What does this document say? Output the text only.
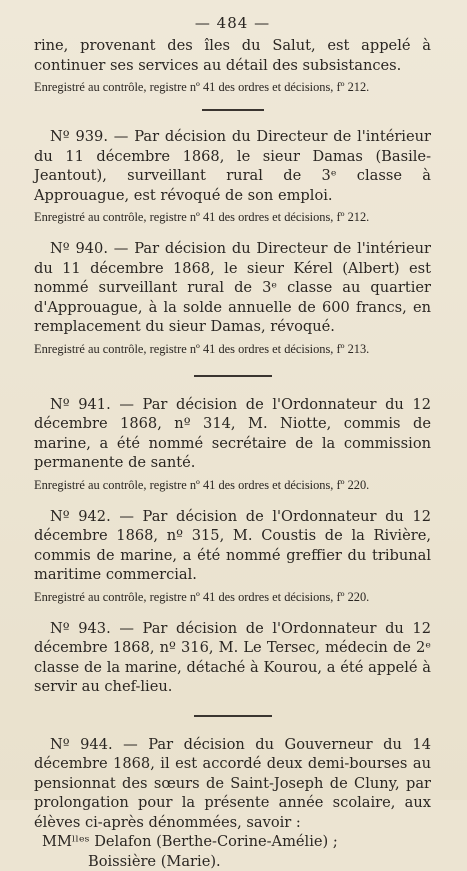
— 484 —

rine, provenant des îles du Salut, est appelé à continuer ses services au détail des subsistances.

Enregistré au contrôle, registre nº 41 des ordres et décisions, fº 212.

Nº 939. — Par décision du Directeur de l'intérieur du 11 décembre 1868, le sieur Damas (Basile-Jeantout), surveillant rural de 3ᵉ classe à Approuague, est révoqué de son emploi.

Enregistré au contrôle, registre nº 41 des ordres et décisions, fº 212.

Nº 940. — Par décision du Directeur de l'intérieur du 11 décembre 1868, le sieur Kérel (Albert) est nommé surveillant rural de 3ᵉ classe au quartier d'Approuague, à la solde annuelle de 600 francs, en remplacement du sieur Damas, révoqué.

Enregistré au contrôle, registre nº 41 des ordres et décisions, fº 213.

Nº 941. — Par décision de l'Ordonnateur du 12 décembre 1868, nº 314, M. Niotte, commis de marine, a été nommé secrétaire de la commission permanente de santé.

Enregistré au contrôle, registre nº 41 des ordres et décisions, fº 220.

Nº 942. — Par décision de l'Ordonnateur du 12 décembre 1868, nº 315, M. Coustis de la Rivière, commis de marine, a été nommé greffier du tribunal maritime commercial.

Enregistré au contrôle, registre nº 41 des ordres et décisions, fº 220.

Nº 943. — Par décision de l'Ordonnateur du 12 décembre 1868, nº 316, M. Le Tersec, médecin de 2ᵉ classe de la marine, détaché à Kourou, a été appelé à servir au chef-lieu.

Nº 944. — Par décision du Gouverneur du 14 décembre 1868, il est accordé deux demi-bourses au pensionnat des sœurs de Saint-Joseph de Cluny, par prolongation pour la présente année scolaire, aux élèves ci-après dénommées, savoir :

MMˡˡᵉˢ Delafon (Berthe-Corine-Amélie) ;
Boissière (Marie).
